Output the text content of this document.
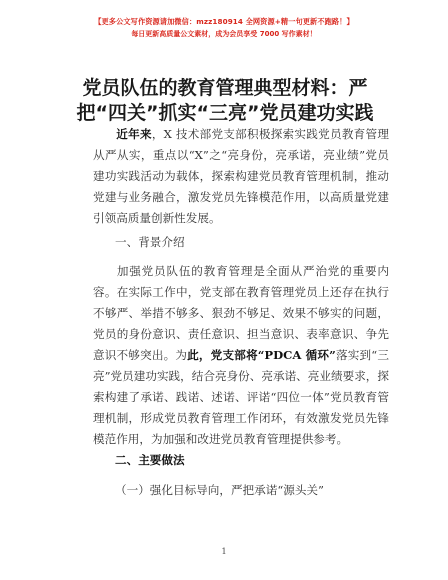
【更多公文写作资源请加微信：mzz180914 全网资源+精一句更新不跑路！】
每日更新高质量公文素材，成为会员享受 7000 写作素材！
党员队伍的教育管理典型材料：严把“四关”抓实“三亮”党员建功实践
近年来，X 技术部党支部积极探索实践党员教育管理从严从实，重点以“X”之“亮身份，亮承诺，亮业绩”党员建功实践活动为载体，探索构建党员教育管理机制，推动党建与业务融合，激发党员先锋模范作用，以高质量党建引领高质量创新性发展。
一、背景介绍
加强党员队伍的教育管理是全面从严治党的重要内容。在实际工作中，党支部在教育管理党员上还存在执行不够严、举措不够多、狠劲不够足、效果不够实的问题，党员的身份意识、责任意识、担当意识、表率意识、争先意识不够突出。为此，党支部将“PDCA 循环”落实到“三亮”党员建功实践，结合亮身份、亮承诺、亮业绩要求，探索构建了承诺、践诺、述诺、评诺“四位一体”党员教育管理机制，形成党员教育管理工作闭环，有效激发党员先锋模范作用，为加强和改进党员教育管理提供参考。
二、主要做法
（一）强化目标导向，严把承诺“源头关”
1
